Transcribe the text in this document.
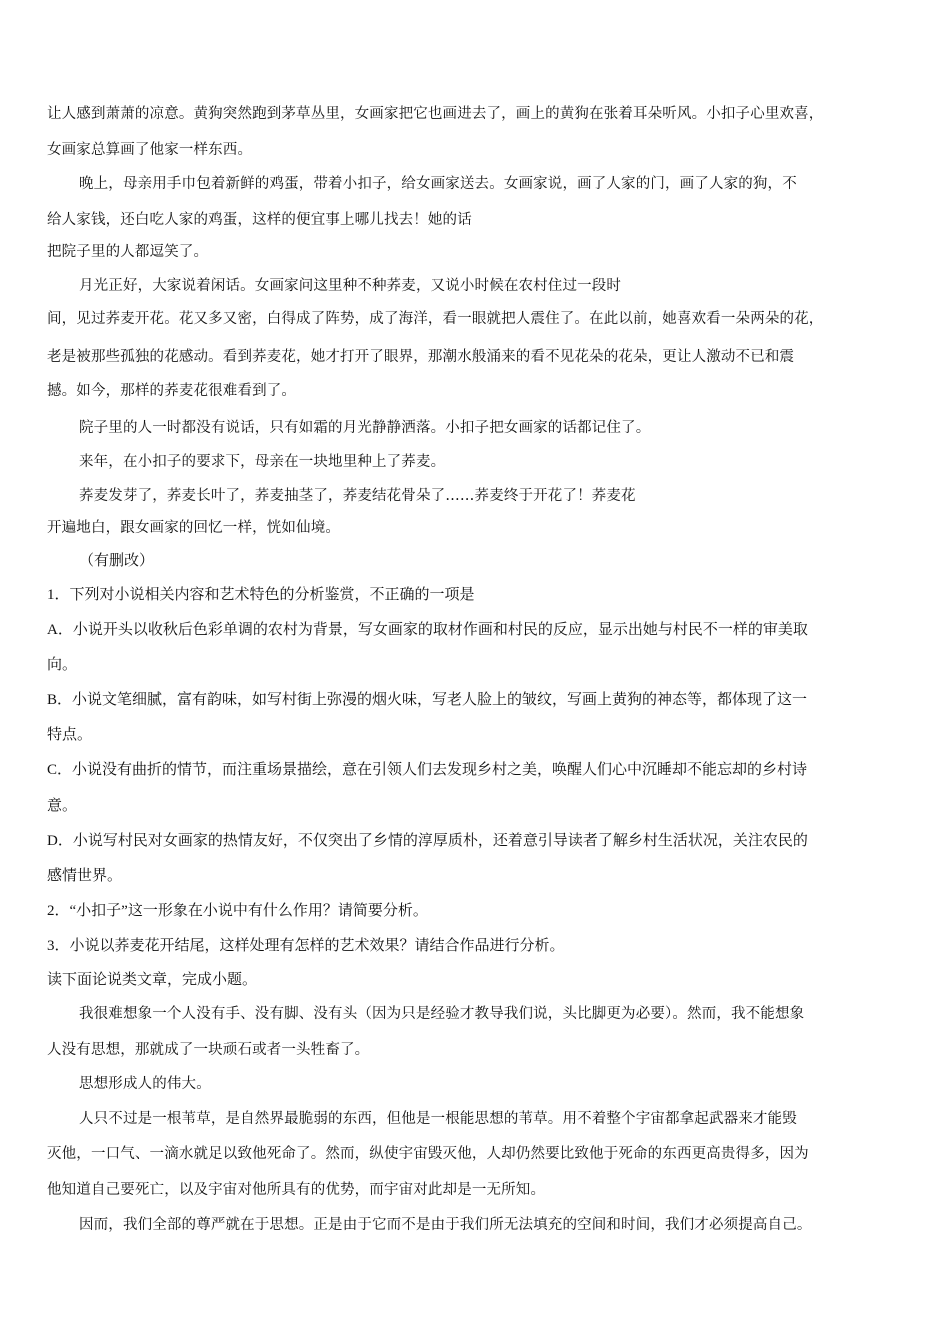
让人感到萧萧的凉意。黄狗突然跑到茅草丛里，女画家把它也画进去了，画上的黄狗在张着耳朵听风。小扣子心里欢喜，
女画家总算画了他家一样东西。
晚上，母亲用手巾包着新鲜的鸡蛋，带着小扣子，给女画家送去。女画家说，画了人家的门，画了人家的狗，不
给人家钱，还白吃人家的鸡蛋，这样的便宜事上哪儿找去！她的话
把院子里的人都逗笑了。
月光正好，大家说着闲话。女画家问这里种不种荞麦，又说小时候在农村住过一段时
间，见过荞麦开花。花又多又密，白得成了阵势，成了海洋，看一眼就把人震住了。在此以前，她喜欢看一朵两朵的花，
老是被那些孤独的花感动。看到荞麦花，她才打开了眼界，那潮水般涌来的看不见花朵的花朵，更让人激动不已和震
撼。如今，那样的荞麦花很难看到了。
院子里的人一时都没有说话，只有如霜的月光静静洒落。小扣子把女画家的话都记住了。
来年，在小扣子的要求下，母亲在一块地里种上了荞麦。
荞麦发芽了，荞麦长叶了，荞麦抽茎了，荞麦结花骨朵了……荞麦终于开花了！荞麦花
开遍地白，跟女画家的回忆一样，恍如仙境。
（有删改）
1．下列对小说相关内容和艺术特色的分析鉴赏，不正确的一项是
A．小说开头以收秋后色彩单调的农村为背景，写女画家的取材作画和村民的反应，显示出她与村民不一样的审美取
向。
B．小说文笔细腻，富有韵味，如写村街上弥漫的烟火味，写老人脸上的皱纹，写画上黄狗的神态等，都体现了这一
特点。
C．小说没有曲折的情节，而注重场景描绘，意在引领人们去发现乡村之美，唤醒人们心中沉睡却不能忘却的乡村诗
意。
D．小说写村民对女画家的热情友好，不仅突出了乡情的淳厚质朴，还着意引导读者了解乡村生活状况，关注农民的
感情世界。
2．“小扣子”这一形象在小说中有什么作用？请简要分析。
3．小说以荞麦花开结尾，这样处理有怎样的艺术效果？请结合作品进行分析。
读下面论说类文章，完成小题。
我很难想象一个人没有手、没有脚、没有头（因为只是经验才教导我们说，头比脚更为必要）。然而，我不能想象
人没有思想，那就成了一块顽石或者一头牲畜了。
思想形成人的伟大。
人只不过是一根苇草，是自然界最脆弱的东西，但他是一根能思想的苇草。用不着整个宇宙都拿起武器来才能毁
灭他，一口气、一滴水就足以致他死命了。然而，纵使宇宙毁灭他，人却仍然要比致他于死命的东西更高贵得多，因为
他知道自己要死亡，以及宇宙对他所具有的优势，而宇宙对此却是一无所知。
因而，我们全部的尊严就在于思想。正是由于它而不是由于我们所无法填充的空间和时间，我们才必须提高自己。
